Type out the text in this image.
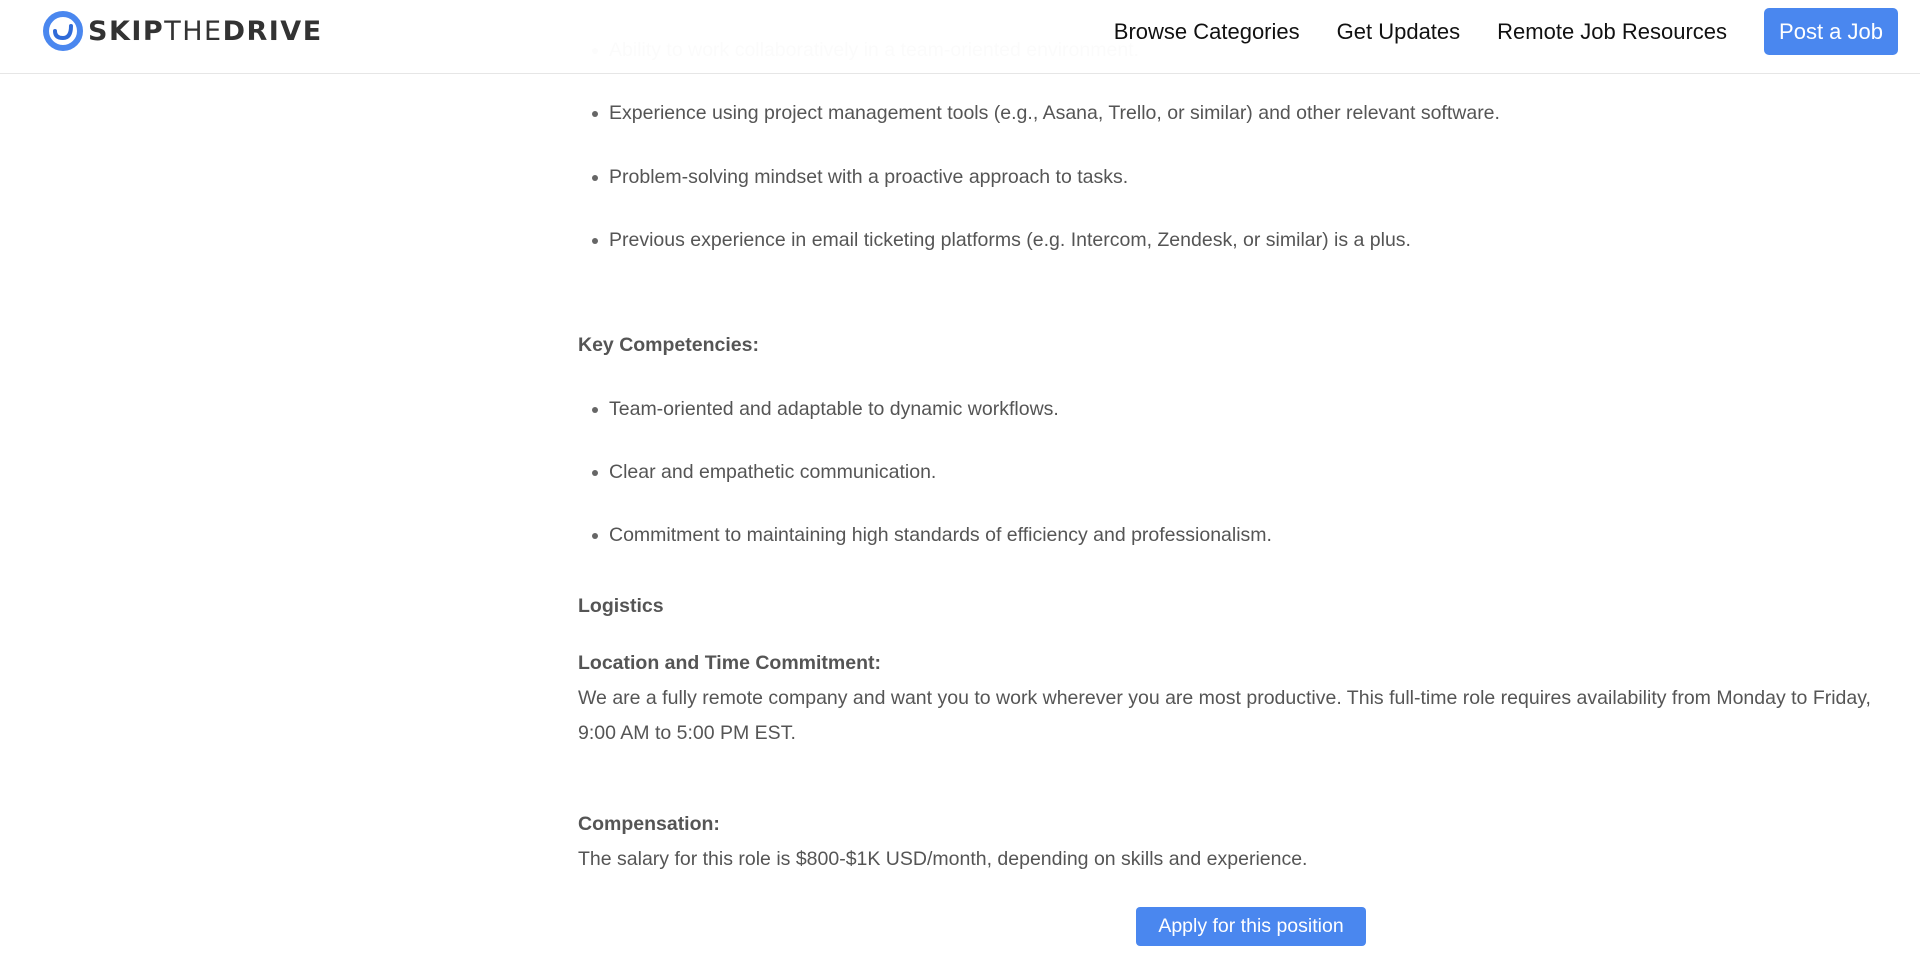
SKIPTHEDRIVE	Browse Categories Get Updates Remote Job Resources	Post a Job
Experience using project management tools (e.g., Asana, Trello, or similar) and other relevant software.
Problem-solving mindset with a proactive approach to tasks.
Previous experience in email ticketing platforms (e.g. Intercom, Zendesk, or similar) is a plus.
Key Competencies:
Team-oriented and adaptable to dynamic workflows.
Clear and empathetic communication.
Commitment to maintaining high standards of efficiency and professionalism.
Logistics
Location and Time Commitment:
We are a fully remote company and want you to work wherever you are most productive. This full-time role requires availability from Monday to Friday, 9:00 AM to 5:00 PM EST.
Compensation:
The salary for this role is $800-$1K USD/month, depending on skills and experience.
Apply for this position
